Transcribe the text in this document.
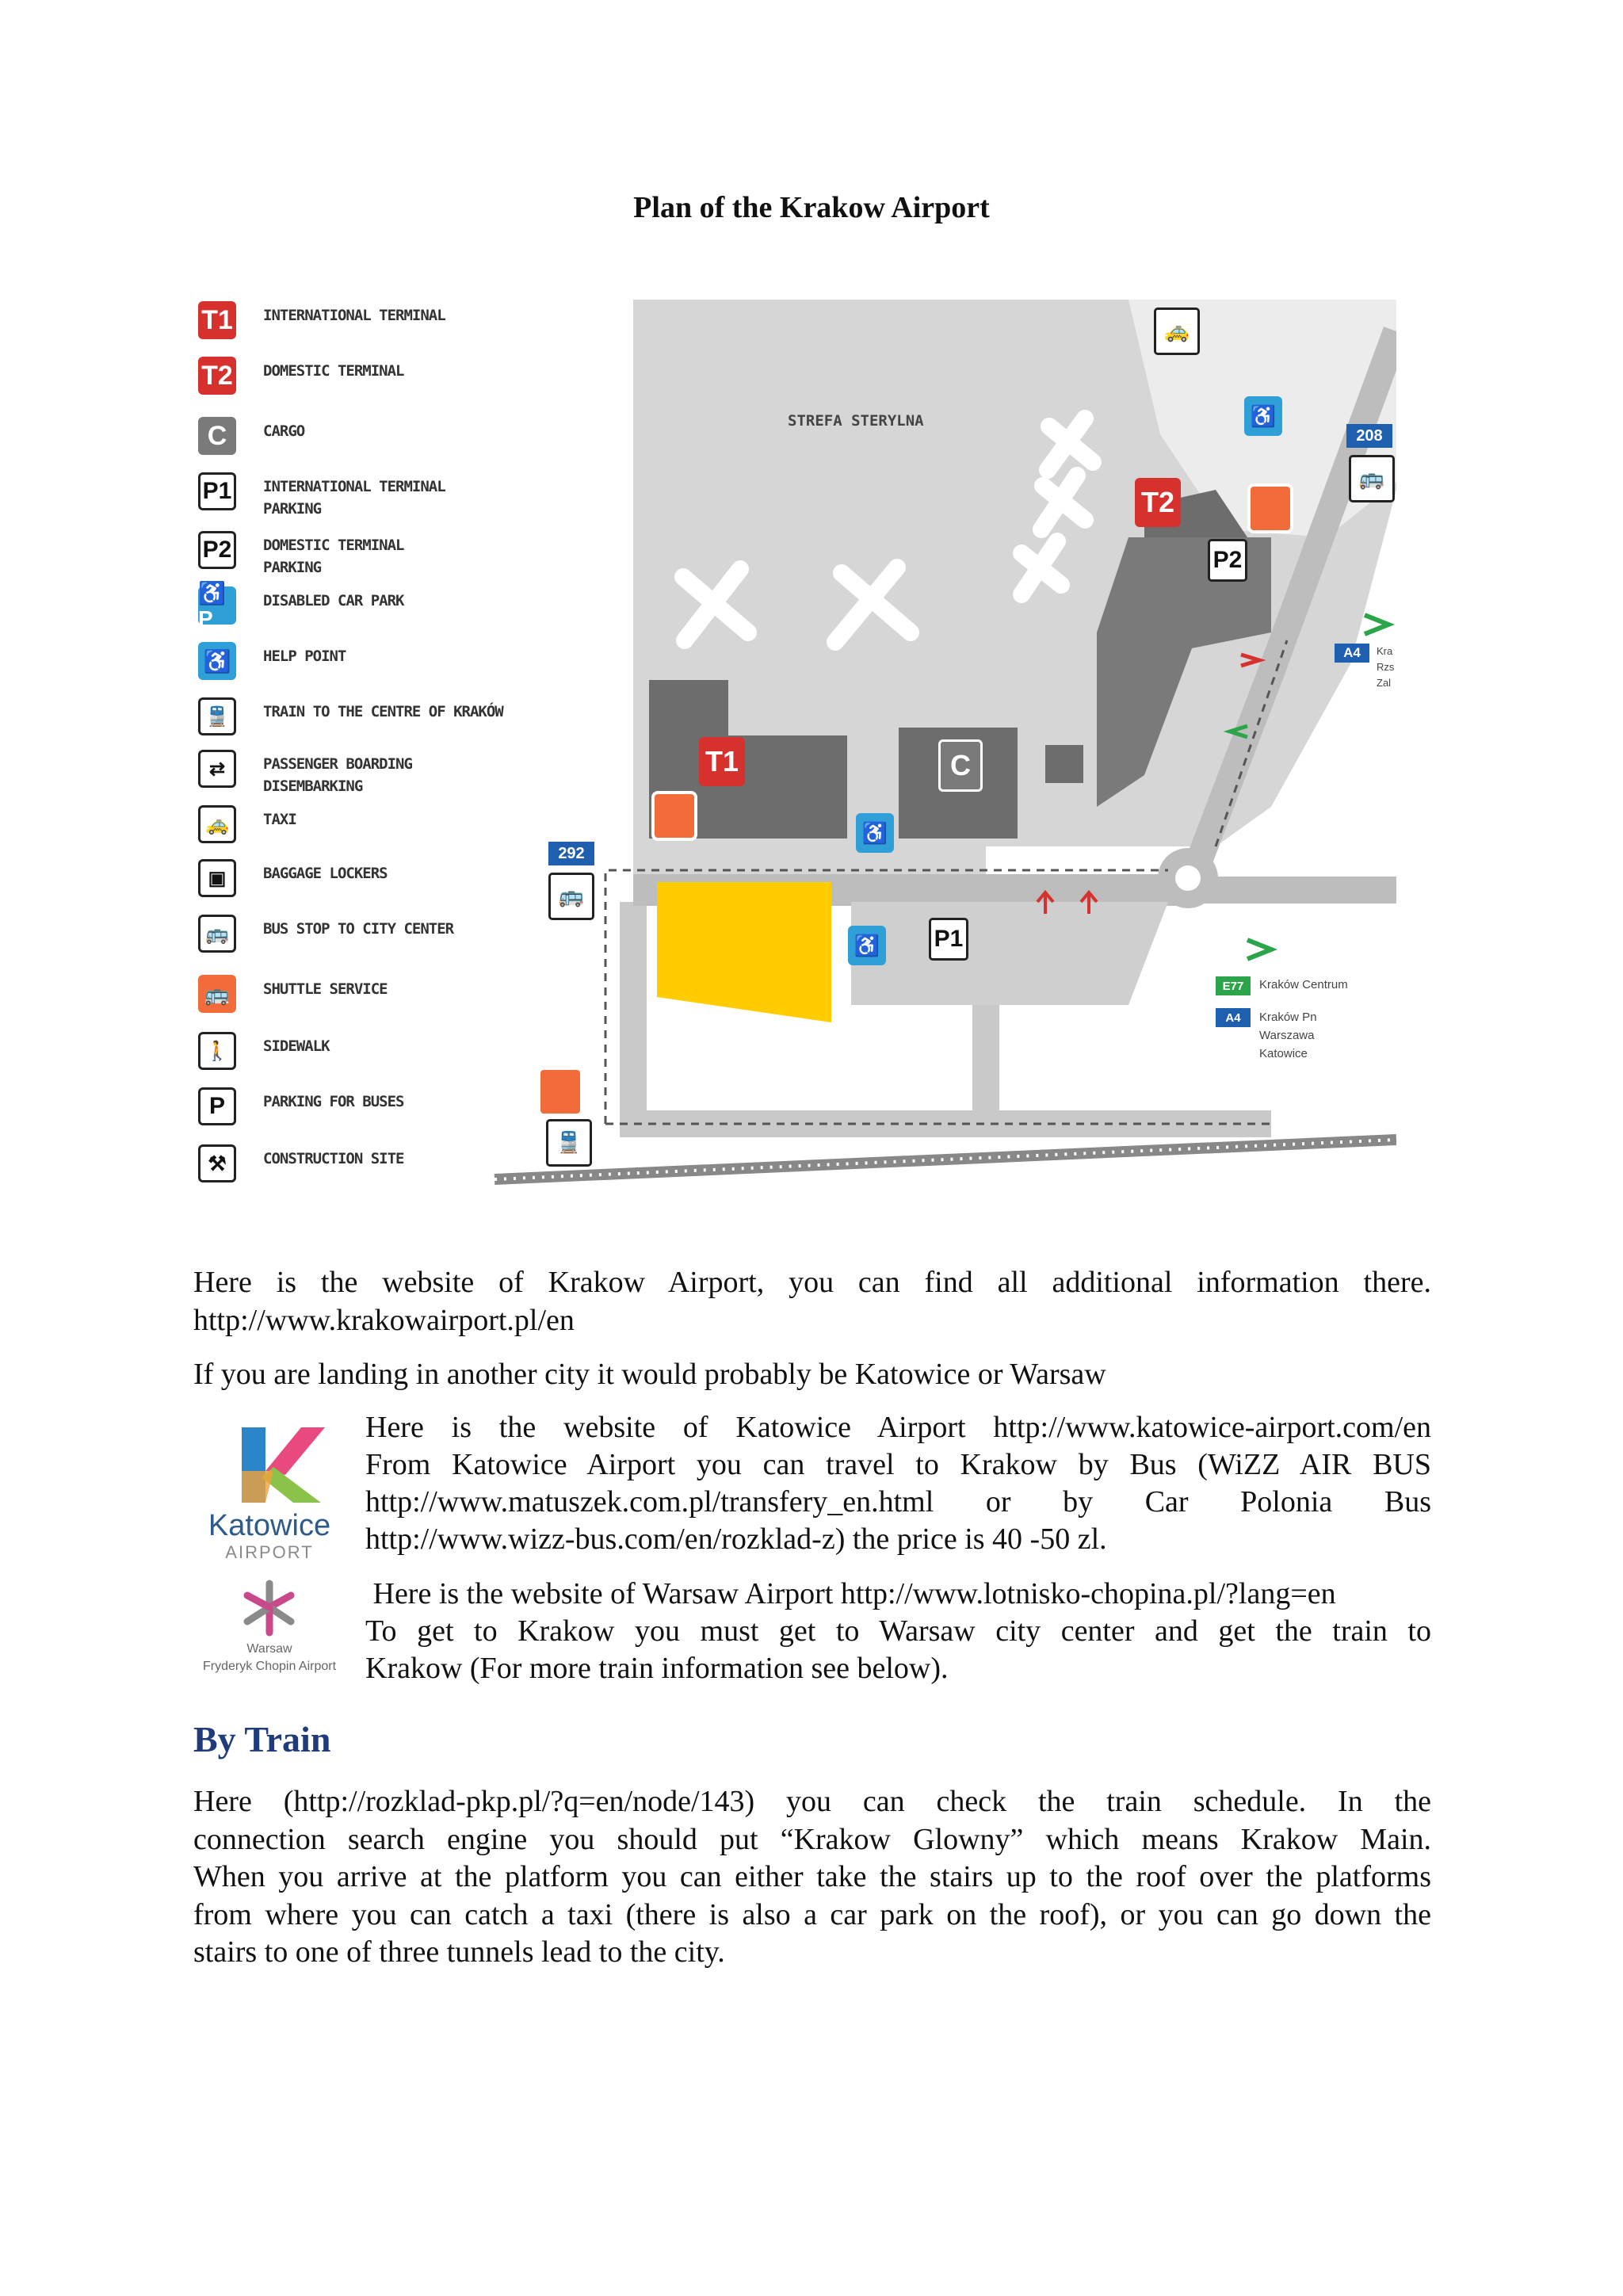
Plan of the Krakow Airport
T1 INTERNATIONAL TERMINAL
T2 DOMESTIC TERMINAL
C	CARGO
P1 INTERNATIONAL TERMINAL
PARKING
P2 DOMESTIC TERMINAL
PARKING
♿P
DISABLED CAR PARK
♿	HELP POINT
🚆	TRAIN TO THE CENTRE OF KRAKÓW
⇄	PASSENGER BOARDING
DISEMBARKING
🚕	TAXI
▣	BAGGAGE LOCKERS
🚌	BUS STOP TO CITY CENTER
🚌	SHUTTLE SERVICE
🚶	SIDEWALK
P	PARKING FOR BUSES
⚒	CONSTRUCTION SITE
STREFA STERYLNA
T2
T1	C
P1
P2
♿
♿
♿
208
292
🚌
🚌
🚕
🚆
A4	Kra
Rzs
Zal
E77	Kraków Centrum
A4	Kraków Pn
Warszawa
Katowice
Here is the website of Krakow Airport, you can find all additional information there.
http://www.krakowairport.pl/en
If you are landing in another city it would probably be Katowice or Warsaw
Katowice
AIRPORT
Here is the website of Katowice Airport http://www.katowice-airport.com/en
From Katowice Airport you can travel to Krakow by Bus (WiZZ AIR BUS
http://www.matuszek.com.pl/transfery_en.html or by Car Polonia Bus
http://www.wizz-bus.com/en/rozklad-z) the price is 40 -50 zl.
Warsaw
Fryderyk Chopin Airport
Here is the website of Warsaw Airport http://www.lotnisko-chopina.pl/?lang=en
To get to Krakow you must get to Warsaw city center and get the train to
Krakow (For more train information see below).
By Train
Here (http://rozklad-pkp.pl/?q=en/node/143) you can check the train schedule. In the
connection search engine you should put “Krakow Glowny” which means Krakow Main.
When you arrive at the platform you can either take the stairs up to the roof over the platforms
from where you can catch a taxi (there is also a car park on the roof), or you can go down the
stairs to one of three tunnels lead to the city.
